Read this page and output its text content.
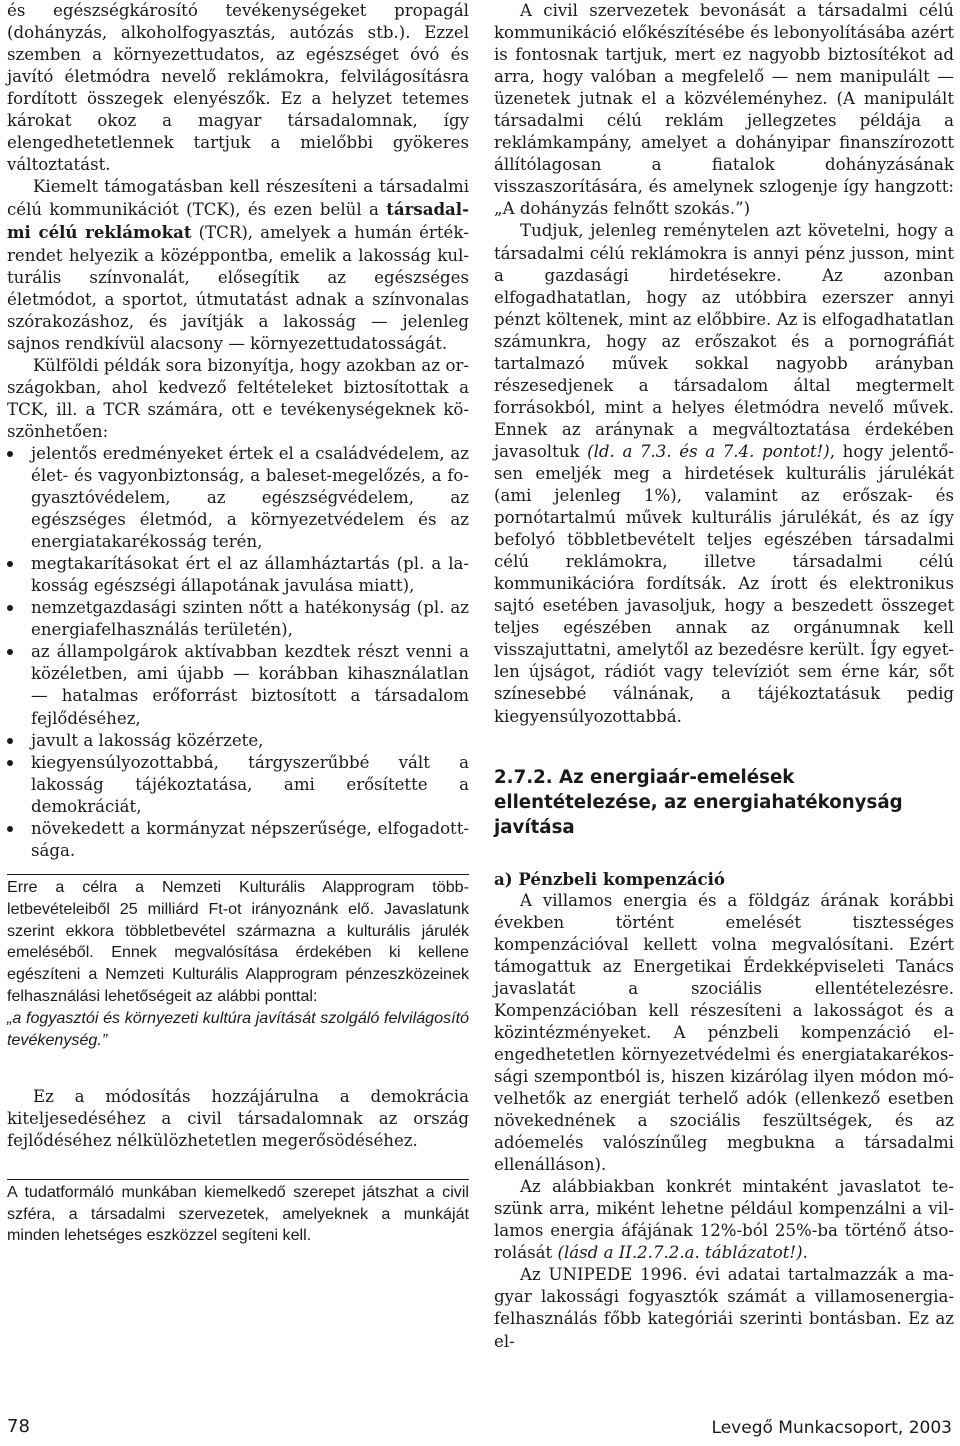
és egészségkárosító tevékenységeket propagál (dohányzás, alkoholfogyasztás, autózás stb.). Ezzel szemben a környezettudatos, az egészséget óvó és javító életmódra nevelő reklámokra, felvilágosításra fordított összegek elenyészők. Ez a helyzet tetemes károkat okoz a magyar társadalomnak, így elengedhetetlennek tartjuk a mielőbbi gyökeres változtatást.

Kiemelt támogatásban kell részesíteni a társadalmi célú kommunikációt (TCK), és ezen belül a társadalmi célú reklámokat (TCR), amelyek a humán értékrendet helyezik a középpontba, emelik a lakosság kulturális színvonalát, elősegítik az egészséges életmódot, a sportot, útmutatást adnak a színvonalas szórakozáshoz, és javítják a lakosság — jelenleg sajnos rendkívül alacsony — környezettudatosságát.

Külföldi példák sora bizonyítja, hogy azokban az országokban, ahol kedvező feltételeket biztosítottak a TCK, ill. a TCR számára, ott e tevékenységeknek köszönhetően:

jelentős eredményeket értek el a családvédelem, az élet- és vagyonbiztonság, a baleset-megelőzés, a fogyasztóvédelem, az egészségvédelem, az egészséges életmód, a környezetvédelem és az energiatakarékosság terén,
megtakarításokat ért el az államháztartás (pl. a lakosság egészségi állapotának javulása miatt),
nemzetgazdasági szinten nőtt a hatékonyság (pl. az energiafelhasználás területén),
az állampolgárok aktívabban kezdtek részt venni a közéletben, ami újabb — korábban kihasználatlan — hatalmas erőforrást biztosított a társadalom fejlődéséhez,
javult a lakosság közérzete,
kiegyensúlyozottabbá, tárgyszerűbbé vált a lakosság tájékoztatása, ami erősítette a demokráciát,
növekedett a kormányzat népszerűsége, elfogadottsága.

Erre a célra a Nemzeti Kulturális Alapprogram többletbevételeiből 25 milliárd Ft-ot irányoznánk elő. Javaslatunk szerint ekkora többletbevétel származna a kulturális járulék emeléséből. Ennek megvalósítása érdekében ki kellene egészíteni a Nemzeti Kulturális Alapprogram pénzeszközeinek felhasználási lehetőségeit az alábbi ponttal:

„a fogyasztói és környezeti kultúra javítását szolgáló felvilágosító tevékenység.”

Ez a módosítás hozzájárulna a demokrácia kiteljesedéséhez a civil társadalomnak az ország fejlődéséhez nélkülözhetetlen megerősödéséhez.

A tudatformáló munkában kiemelkedő szerepet játszhat a civil szféra, a társadalmi szervezetek, amelyeknek a munkáját minden lehetséges eszközzel segíteni kell.

A civil szervezetek bevonását a társadalmi célú kommunikáció előkészítésébe és lebonyolításába azért is fontosnak tartjuk, mert ez nagyobb biztosítékot ad arra, hogy valóban a megfelelő — nem manipulált — üzenetek jutnak el a közvéleményhez. (A manipulált társadalmi célú reklám jellegzetes példája a reklámkampány, amelyet a dohányipar finanszírozott állítólagosan a fiatalok dohányzásának visszaszorítására, és amelynek szlogenje így hangzott: „A dohányzás felnőtt szokás.”)

Tudjuk, jelenleg reménytelen azt követelni, hogy a társadalmi célú reklámokra is annyi pénz jusson, mint a gazdasági hirdetésekre. Az azonban elfogadhatatlan, hogy az utóbbira ezerszer annyi pénzt költenek, mint az előbbire. Az is elfogadhatatlan számunkra, hogy az erőszakot és a pornográfiát tartalmazó művek sokkal nagyobb arányban részesedjenek a társadalom által megtermelt forrásokból, mint a helyes életmódra nevelő művek. Ennek az aránynak a megváltoztatása érdekében javasoltuk (ld. a 7.3. és a 7.4. pontot!), hogy jelentősen emeljék meg a hirdetések kulturális járulékát (ami jelenleg 1%), valamint az erőszak- és pornótartalmú művek kulturális járulékát, és az így befolyó többletbevételt teljes egészében társadalmi célú reklámokra, illetve társadalmi célú kommunikációra fordítsák. Az írott és elektronikus sajtó esetében javasoljuk, hogy a beszedett összeget teljes egészében annak az orgánumnak kell visszajuttatni, amelytől az bezedésre került. Így egyetlen újságot, rádiót vagy televíziót sem érne kár, sőt színesebbé válnának, a tájékoztatásuk pedig kiegyensúlyozottabbá.

2.7.2. Az energiaár-emelések ellentételezése, az energiahatékonyság javítása

a) Pénzbeli kompenzáció

A villamos energia és a földgáz árának korábbi években történt emelését tisztességes kompenzációval kellett volna megvalósítani. Ezért támogattuk az Energetikai Érdekképviseleti Tanács javaslatát a szociális ellentételezésre. Kompenzációban kell részesíteni a lakosságot és a közintézményeket. A pénzbeli kompenzáció elengedhetetlen környezetvédelmi és energiatakarékossági szempontból is, hiszen kizárólag ilyen módon móvelhetők az energiát terhelő adók (ellenkező esetben növekednének a szociális feszültségek, és az adóemelés valószínűleg megbukna a társadalmi ellenálláson).

Az alábbiakban konkrét mintaként javaslatot teszünk arra, miként lehetne például kompenzálni a villamos energia áfájának 12%-ból 25%-ba történő átsorolását (lásd a II.2.7.2.a. táblázatot!).

Az UNIPEDE 1996. évi adatai tartalmazzák a magyar lakossági fogyasztók számát a villamosenergia-felhasználás főbb kategóriái szerinti bontásban. Ez az el-

78	Levegő Munkacsoport, 2003
